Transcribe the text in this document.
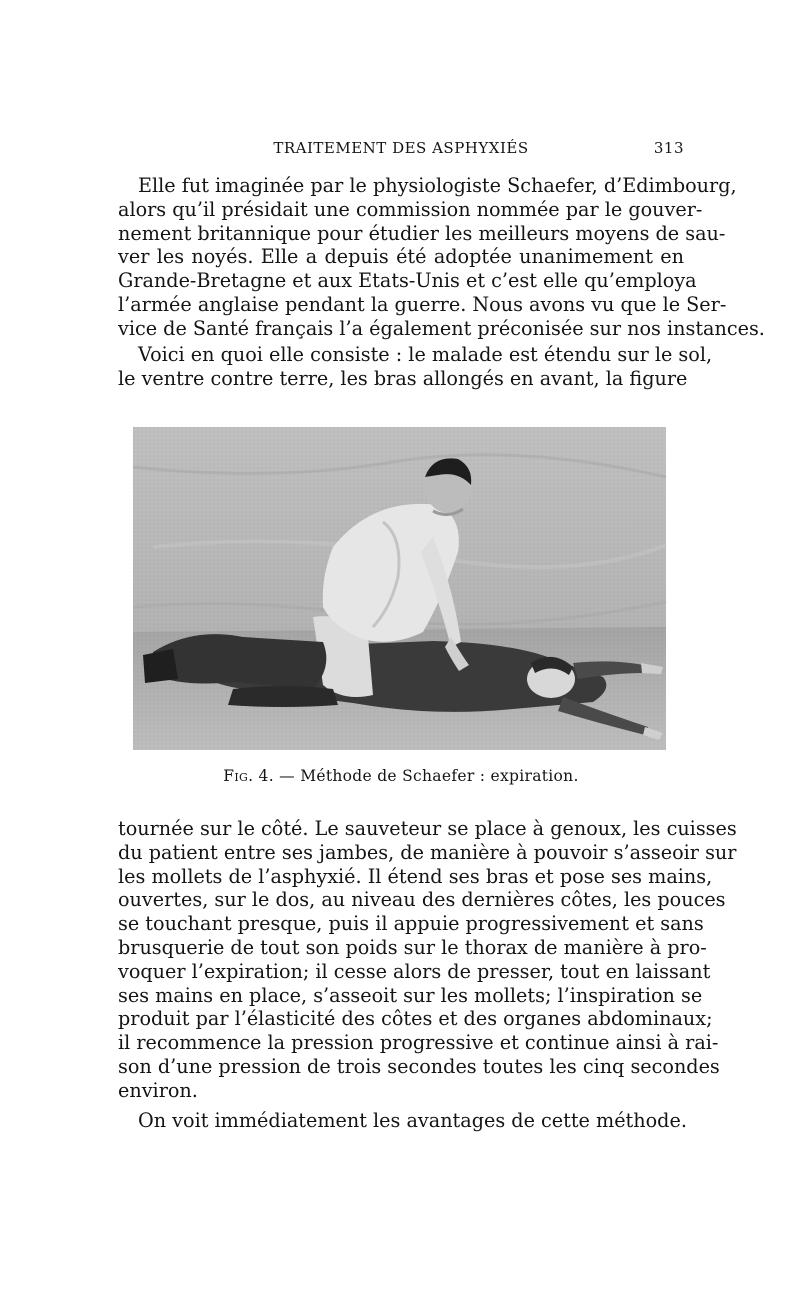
TRAITEMENT DES ASPHYXIÉS	313
Elle fut imaginée par le physiologiste Schaefer, d’Edimbourg,
alors qu’il présidait une commission nommée par le gouver-
nement britannique pour étudier les meilleurs moyens de sau-
ver les noyés. Elle a depuis été adoptée unanimement en
Grande-Bretagne et aux Etats-Unis et c’est elle qu’employa
l’armée anglaise pendant la guerre. Nous avons vu que le Ser-
vice de Santé français l’a également préconisée sur nos instances.
Voici en quoi elle consiste : le malade est étendu sur le sol,
le ventre contre terre, les bras allongés en avant, la figure
Fig. 4. — Méthode de Schaefer : expiration.
tournée sur le côté. Le sauveteur se place à genoux, les cuisses
du patient entre ses jambes, de manière à pouvoir s’asseoir sur
les mollets de l’asphyxié. Il étend ses bras et pose ses mains,
ouvertes, sur le dos, au niveau des dernières côtes, les pouces
se touchant presque, puis il appuie progressivement et sans
brusquerie de tout son poids sur le thorax de manière à pro-
voquer l’expiration; il cesse alors de presser, tout en laissant
ses mains en place, s’asseoit sur les mollets; l’inspiration se
produit par l’élasticité des côtes et des organes abdominaux;
il recommence la pression progressive et continue ainsi à rai-
son d’une pression de trois secondes toutes les cinq secondes
environ.
On voit immédiatement les avantages de cette méthode.
